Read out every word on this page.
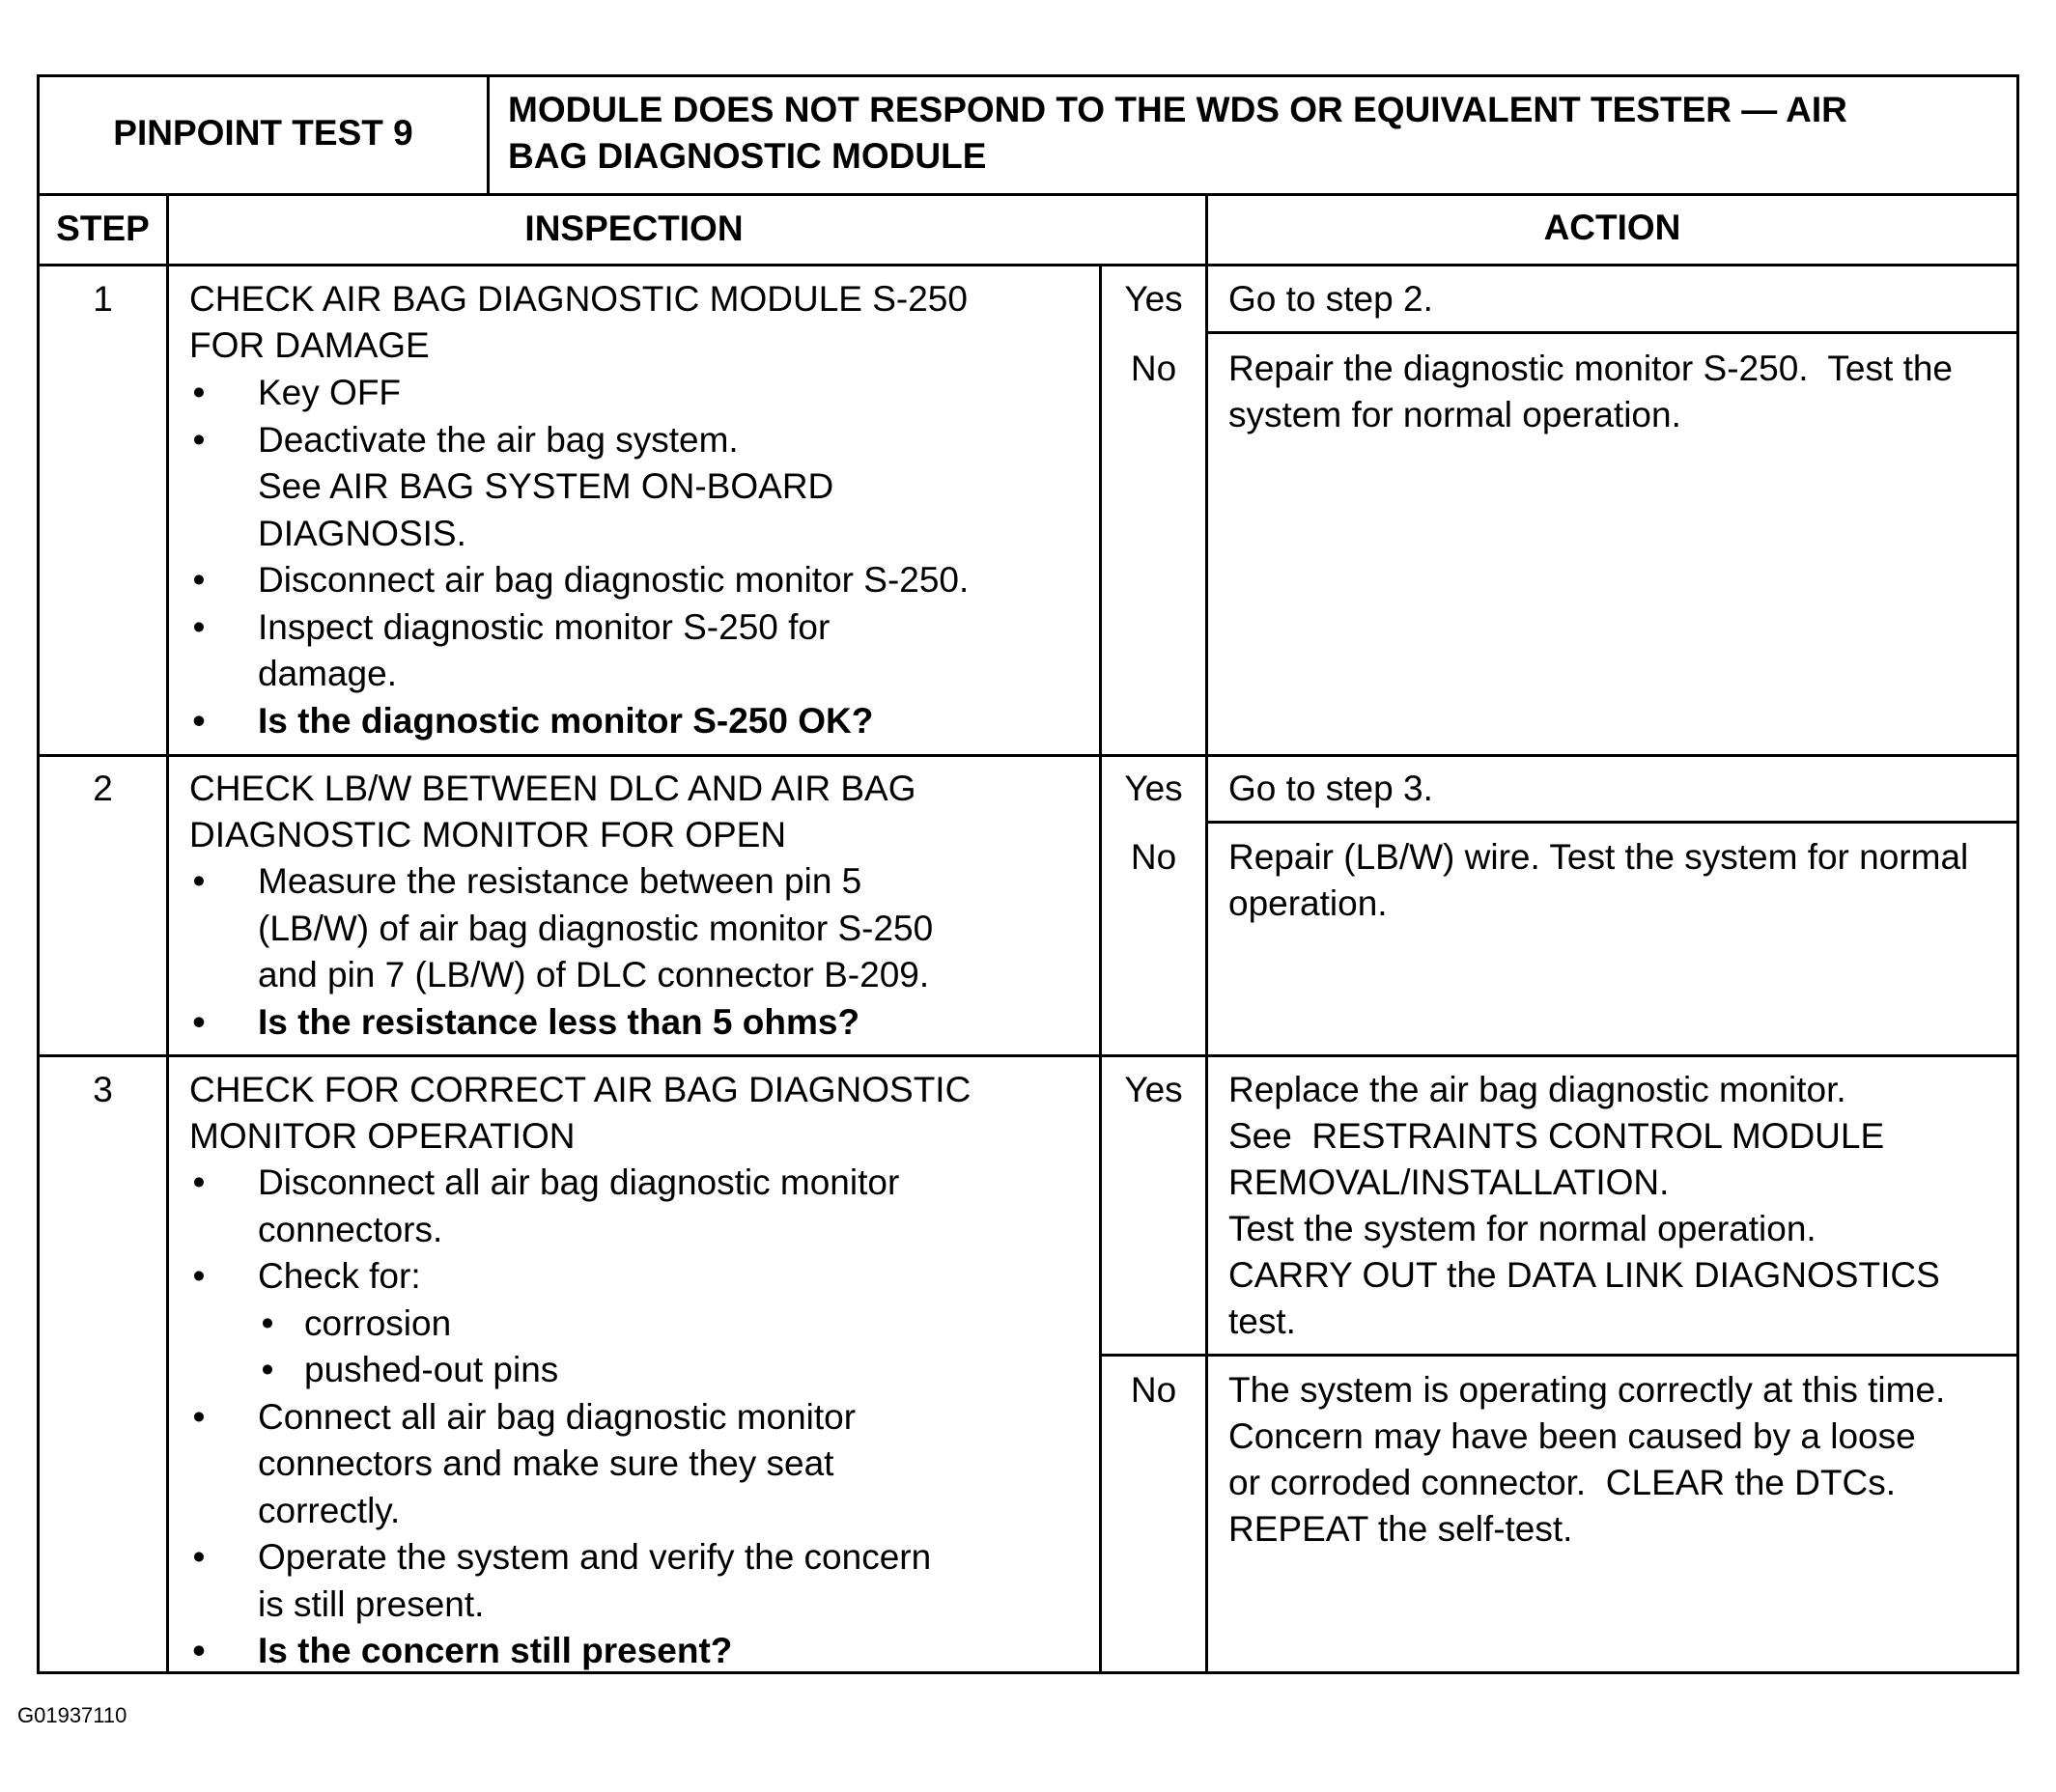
PINPOINT TEST 9
MODULE DOES NOT RESPOND TO THE WDS OR EQUIVALENT TESTER — AIR
BAG DIAGNOSTIC MODULE
STEP	INSPECTION	ACTION
1	CHECK AIR BAG DIAGNOSTIC MODULE S-250
FOR DAMAGE
• Key OFF
• Deactivate the air bag system.
See AIR BAG SYSTEM ON-BOARD
DIAGNOSIS.
• Disconnect air bag diagnostic monitor S-250.
• Inspect diagnostic monitor S-250 for
damage.
• Is the diagnostic monitor S-250 OK?
Yes	Go to step 2.
No	Repair the diagnostic monitor S-250.  Test the
system for normal operation.
2	CHECK LB/W BETWEEN DLC AND AIR BAG
DIAGNOSTIC MONITOR FOR OPEN
• Measure the resistance between pin 5
(LB/W) of air bag diagnostic monitor S-250
and pin 7 (LB/W) of DLC connector B-209.
• Is the resistance less than 5 ohms?
Yes	Go to step 3.
No	Repair (LB/W) wire. Test the system for normal
operation.
3	CHECK FOR CORRECT AIR BAG DIAGNOSTIC
MONITOR OPERATION
• Disconnect all air bag diagnostic monitor
connectors.
• Check for:
• corrosion
• pushed-out pins
• Connect all air bag diagnostic monitor
connectors and make sure they seat
correctly.
• Operate the system and verify the concern
is still present.
• Is the concern still present?
Yes	Replace the air bag diagnostic monitor.
See  RESTRAINTS CONTROL MODULE
REMOVAL/INSTALLATION.
Test the system for normal operation.
CARRY OUT the DATA LINK DIAGNOSTICS
test.
No	The system is operating correctly at this time.
Concern may have been caused by a loose
or corroded connector.  CLEAR the DTCs.
REPEAT the self-test.
G01937110
